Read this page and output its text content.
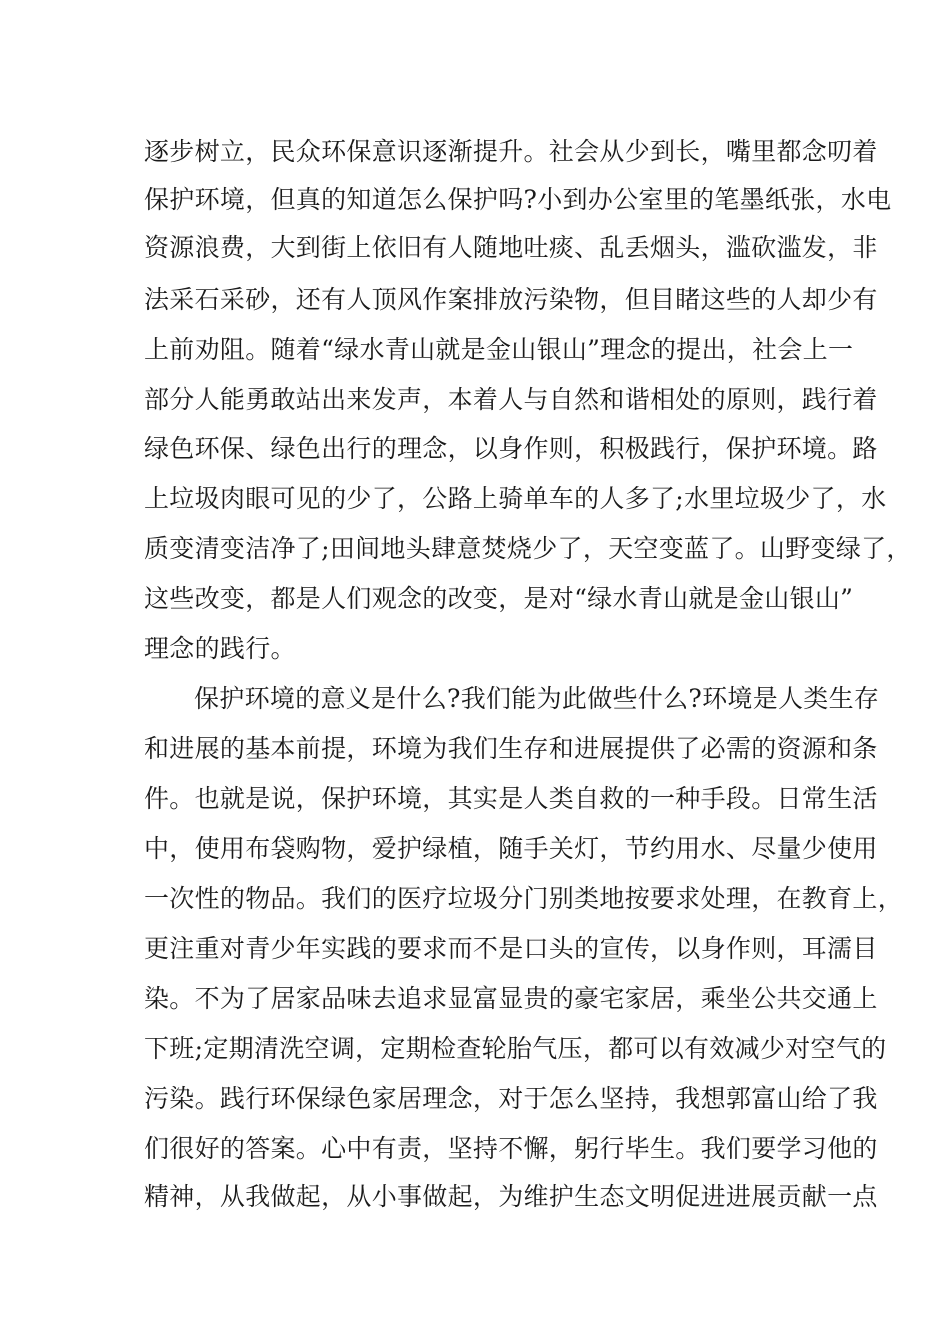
逐步树立，民众环保意识逐渐提升。社会从少到长，嘴里都念叨着
保护环境，但真的知道怎么保护吗?小到办公室里的笔墨纸张，水电
资源浪费，大到街上依旧有人随地吐痰、乱丢烟头，滥砍滥发，非
法采石采砂，还有人顶风作案排放污染物，但目睹这些的人却少有
上前劝阻。随着“绿水青山就是金山银山”理念的提出，社会上一
部分人能勇敢站出来发声，本着人与自然和谐相处的原则，践行着
绿色环保、绿色出行的理念，以身作则，积极践行，保护环境。路
上垃圾肉眼可见的少了，公路上骑单车的人多了;水里垃圾少了，水
质变清变洁净了;田间地头肆意焚烧少了，天空变蓝了。山野变绿了，
这些改变，都是人们观念的改变，是对“绿水青山就是金山银山”
理念的践行。
保护环境的意义是什么?我们能为此做些什么?环境是人类生存
和进展的基本前提，环境为我们生存和进展提供了必需的资源和条
件。也就是说，保护环境，其实是人类自救的一种手段。日常生活
中，使用布袋购物，爱护绿植，随手关灯，节约用水、尽量少使用
一次性的物品。我们的医疗垃圾分门别类地按要求处理，在教育上，
更注重对青少年实践的要求而不是口头的宣传，以身作则，耳濡目
染。不为了居家品味去追求显富显贵的豪宅家居，乘坐公共交通上
下班;定期清洗空调，定期检查轮胎气压，都可以有效减少对空气的
污染。践行环保绿色家居理念，对于怎么坚持，我想郭富山给了我
们很好的答案。心中有责，坚持不懈，躬行毕生。我们要学习他的
精神，从我做起，从小事做起，为维护生态文明促进进展贡献一点
